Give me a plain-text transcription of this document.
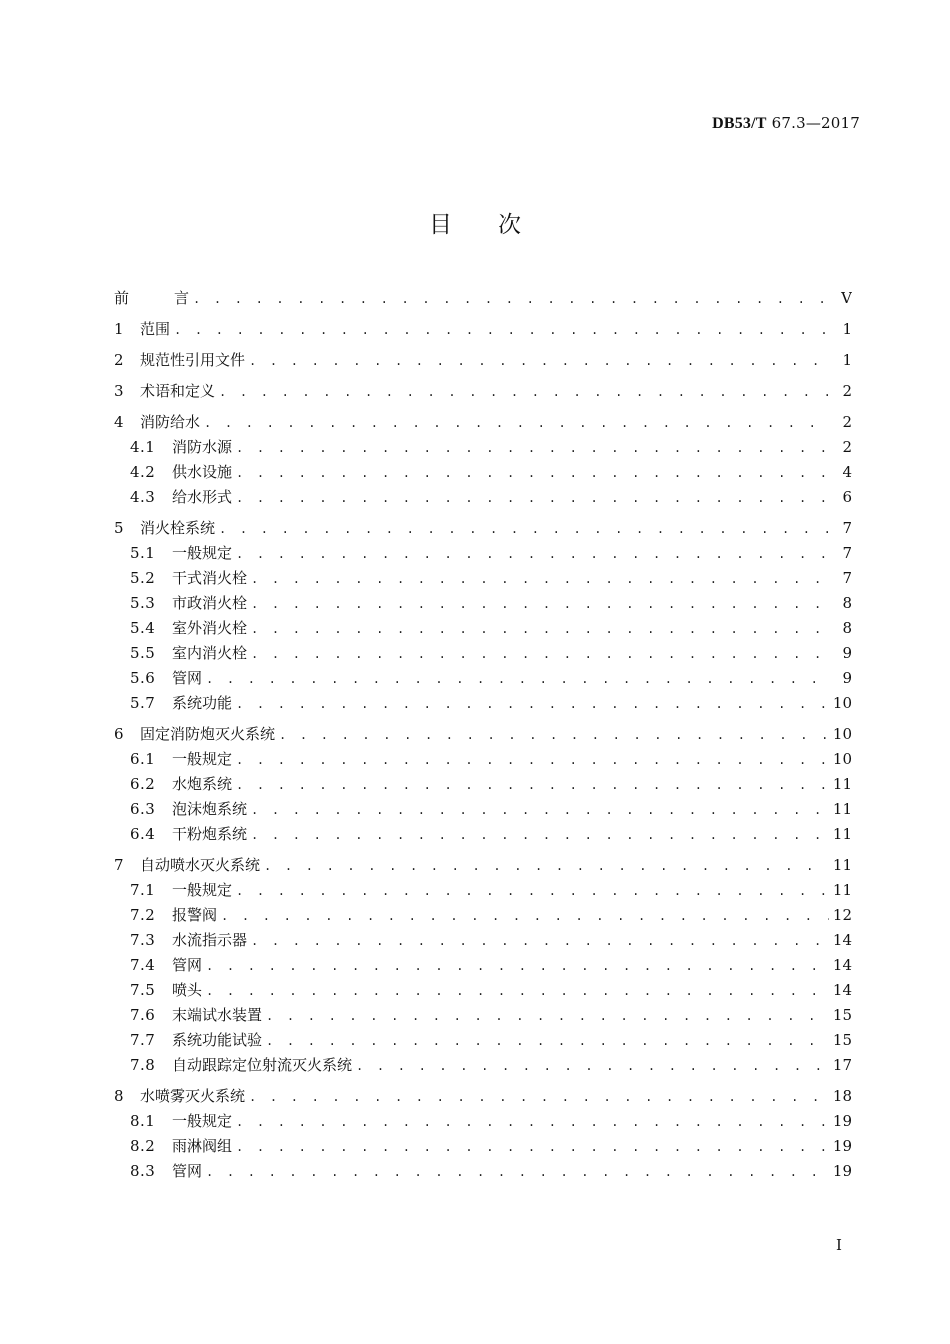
DB53/T 67.3—2017
目次
前	言 . . .	V
1	范围 . . .	1
2	规范性引用文件 . . .	1
3	术语和定义 . . .	2
4	消防给水 . . .	2
4.1	消防水源 . . .	2
4.2	供水设施 . . .	4
4.3	给水形式 . . .	6
5	消火栓系统 . . .	7
5.1	一般规定 . . .	7
5.2	干式消火栓 . . .	7
5.3	市政消火栓 . . .	8
5.4	室外消火栓 . . .	8
5.5	室内消火栓 . . .	9
5.6	管网 . . .	9
5.7	系统功能 . . .	10
6	固定消防炮灭火系统 . . .	10
6.1	一般规定 . . .	10
6.2	水炮系统 . . .	11
6.3	泡沫炮系统 . . .	11
6.4	干粉炮系统 . . .	11
7	自动喷水灭火系统 . . .	11
7.1	一般规定 . . .	11
7.2	报警阀 . . .	12
7.3	水流指示器 . . .	14
7.4	管网 . . .	14
7.5	喷头 . . .	14
7.6	末端试水装置 . . .	15
7.7	系统功能试验 . . .	15
7.8	自动跟踪定位射流灭火系统 . . .	17
8	水喷雾灭火系统 . . .	18
8.1	一般规定 . . .	19
8.2	雨淋阀组 . . .	19
8.3	管网 . . .	19
I
